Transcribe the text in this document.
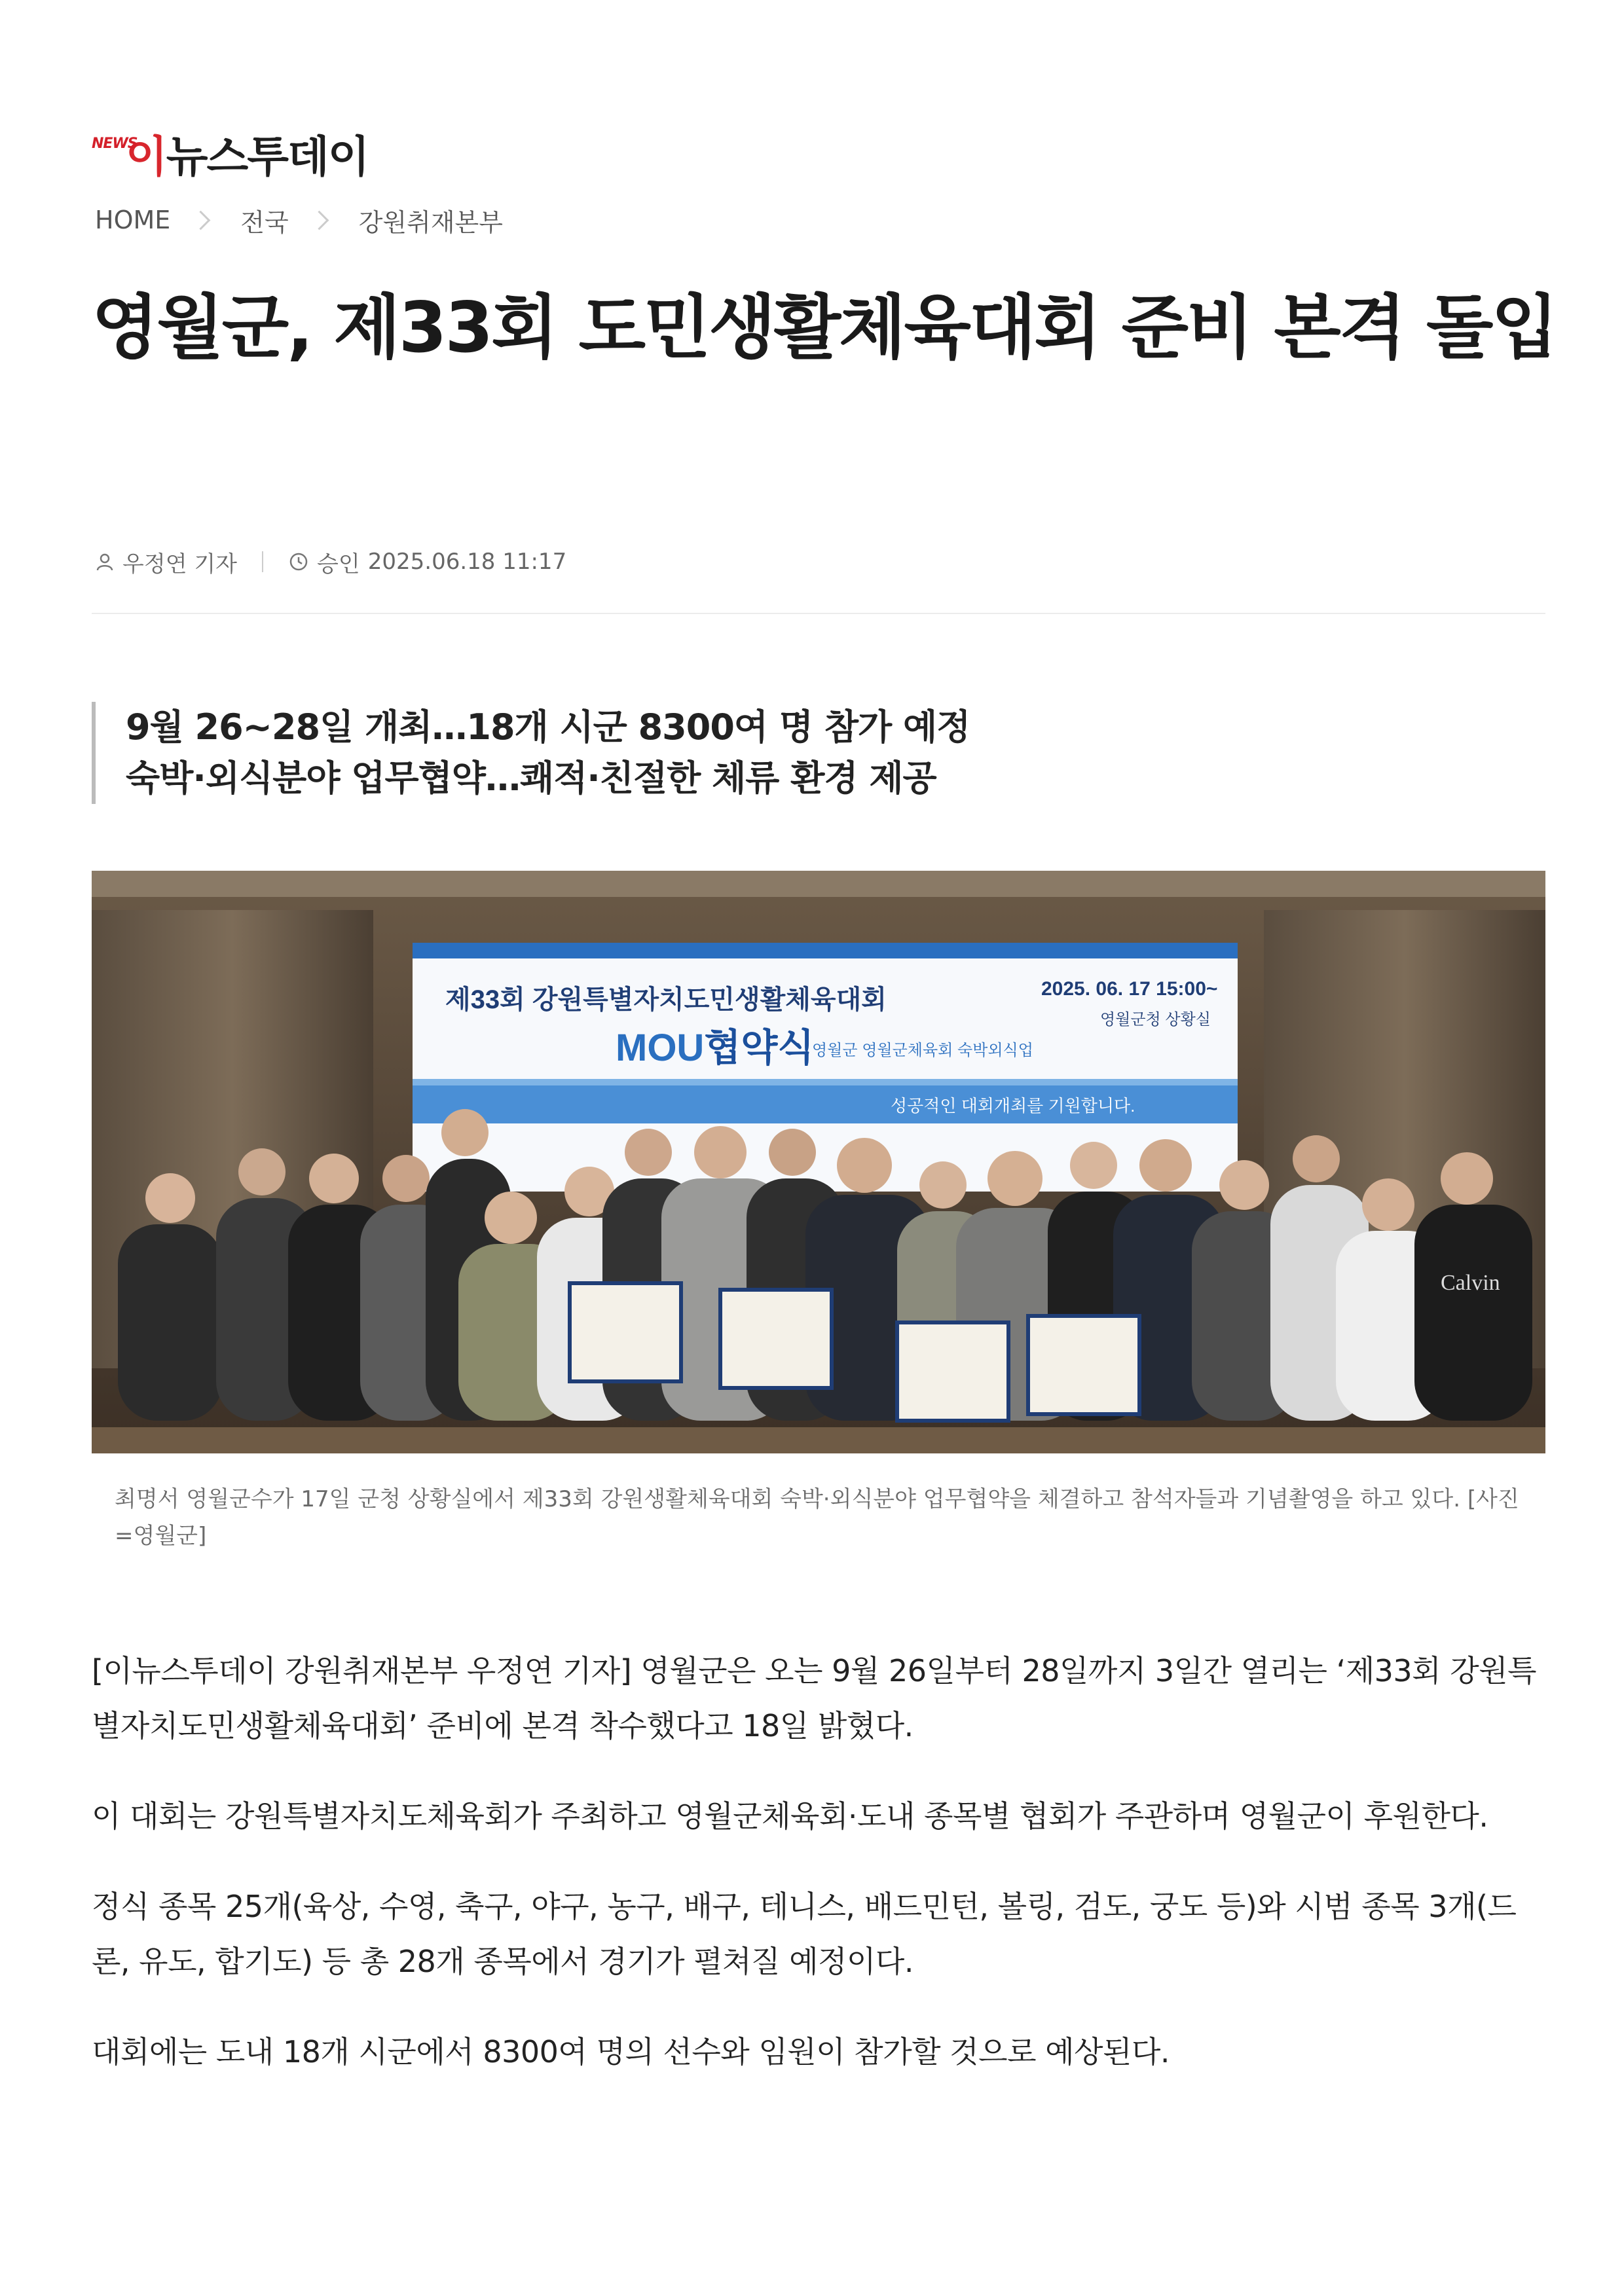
NEWS
이뉴스투데이
HOME	전국	강원취재본부
영월군, 제33회 도민생활체육대회 준비 본격 돌입
우정연 기자	승인 2025.06.18 11:17
9월 26~28일 개최…18개 시군 8300여 명 참가 예정
숙박·외식분야 업무협약…쾌적·친절한 체류 환경 제공
제33회 강원특별자치도민생활체육대회
MOU협약식
영월군 영월군체육회 숙박외식업
2025. 06. 17 15:00~
영월군청 상황실
성공적인 대회개최를 기원합니다.
Calvin
최명서 영월군수가 17일 군청 상황실에서 제33회 강원생활체육대회 숙박·외식분야 업무협약을 체결하고 참석자들과 기념촬영을 하고 있다. [사진=영월군]

[이뉴스투데이 강원취재본부 우정연 기자] 영월군은 오는 9월 26일부터 28일까지 3일간 열리는 ‘제33회 강원특별자치도민생활체육대회’ 준비에 본격 착수했다고 18일 밝혔다.

이 대회는 강원특별자치도체육회가 주최하고 영월군체육회·도내 종목별 협회가 주관하며 영월군이 후원한다.

정식 종목 25개(육상, 수영, 축구, 야구, 농구, 배구, 테니스, 배드민턴, 볼링, 검도, 궁도 등)와 시범 종목 3개(드론, 유도, 합기도) 등 총 28개 종목에서 경기가 펼쳐질 예정이다.

대회에는 도내 18개 시군에서 8300여 명의 선수와 임원이 참가할 것으로 예상된다.
